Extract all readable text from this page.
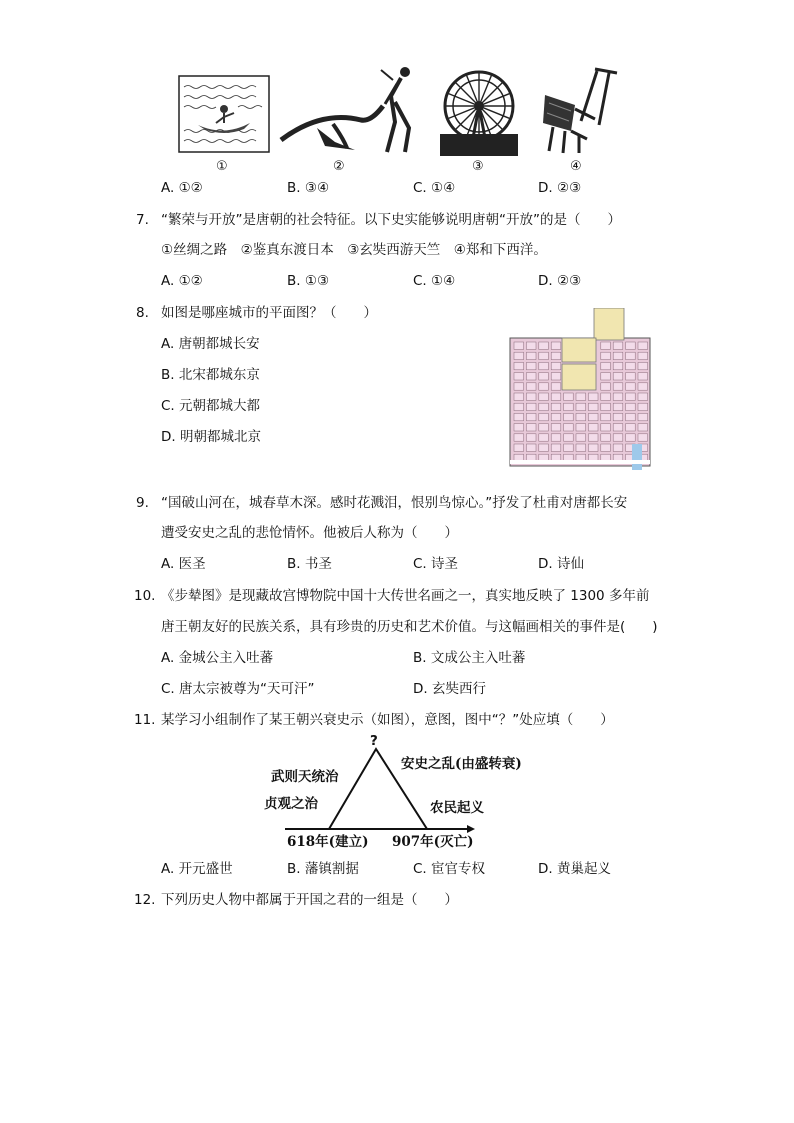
①	②	③	④
A. ①②	B. ③④	C. ①④	D. ②③
7. “繁荣与开放”是唐朝的社会特征。以下史实能够说明唐朝“开放”的是（　　）
①丝绸之路　②鉴真东渡日本　③玄奘西游天竺　④郑和下西洋。
A. ①②	B. ①③	C. ①④	D. ②③
8. 如图是哪座城市的平面图？（　　）
A. 唐朝都城长安
B. 北宋都城东京
C. 元朝都城大都
D. 明朝都城北京
9. “国破山河在，城春草木深。感时花溅泪，恨别鸟惊心。”抒发了杜甫对唐都长安
遭受安史之乱的悲怆情怀。他被后人称为（　　）
A. 医圣	B. 书圣	C. 诗圣	D. 诗仙
10. 《步辇图》是现藏故宫博物院中国十大传世名画之一，真实地反映了 1300 多年前
唐王朝友好的民族关系，具有珍贵的历史和艺术价值。与这幅画相关的事件是(　　)
A. 金城公主入吐蕃	B. 文成公主入吐蕃
C. 唐太宗被尊为“天可汗”	D. 玄奘西行
11. 某学习小组制作了某王朝兴衰史示（如图），意图，图中“？”处应填（　　）
?
武则天统治
贞观之治
安史之乱(由盛转衰)
农民起义
618年(建立) 907年(灭亡)
A. 开元盛世	B. 藩镇割据	C. 宦官专权	D. 黄巢起义
12. 下列历史人物中都属于开国之君的一组是（　　）
